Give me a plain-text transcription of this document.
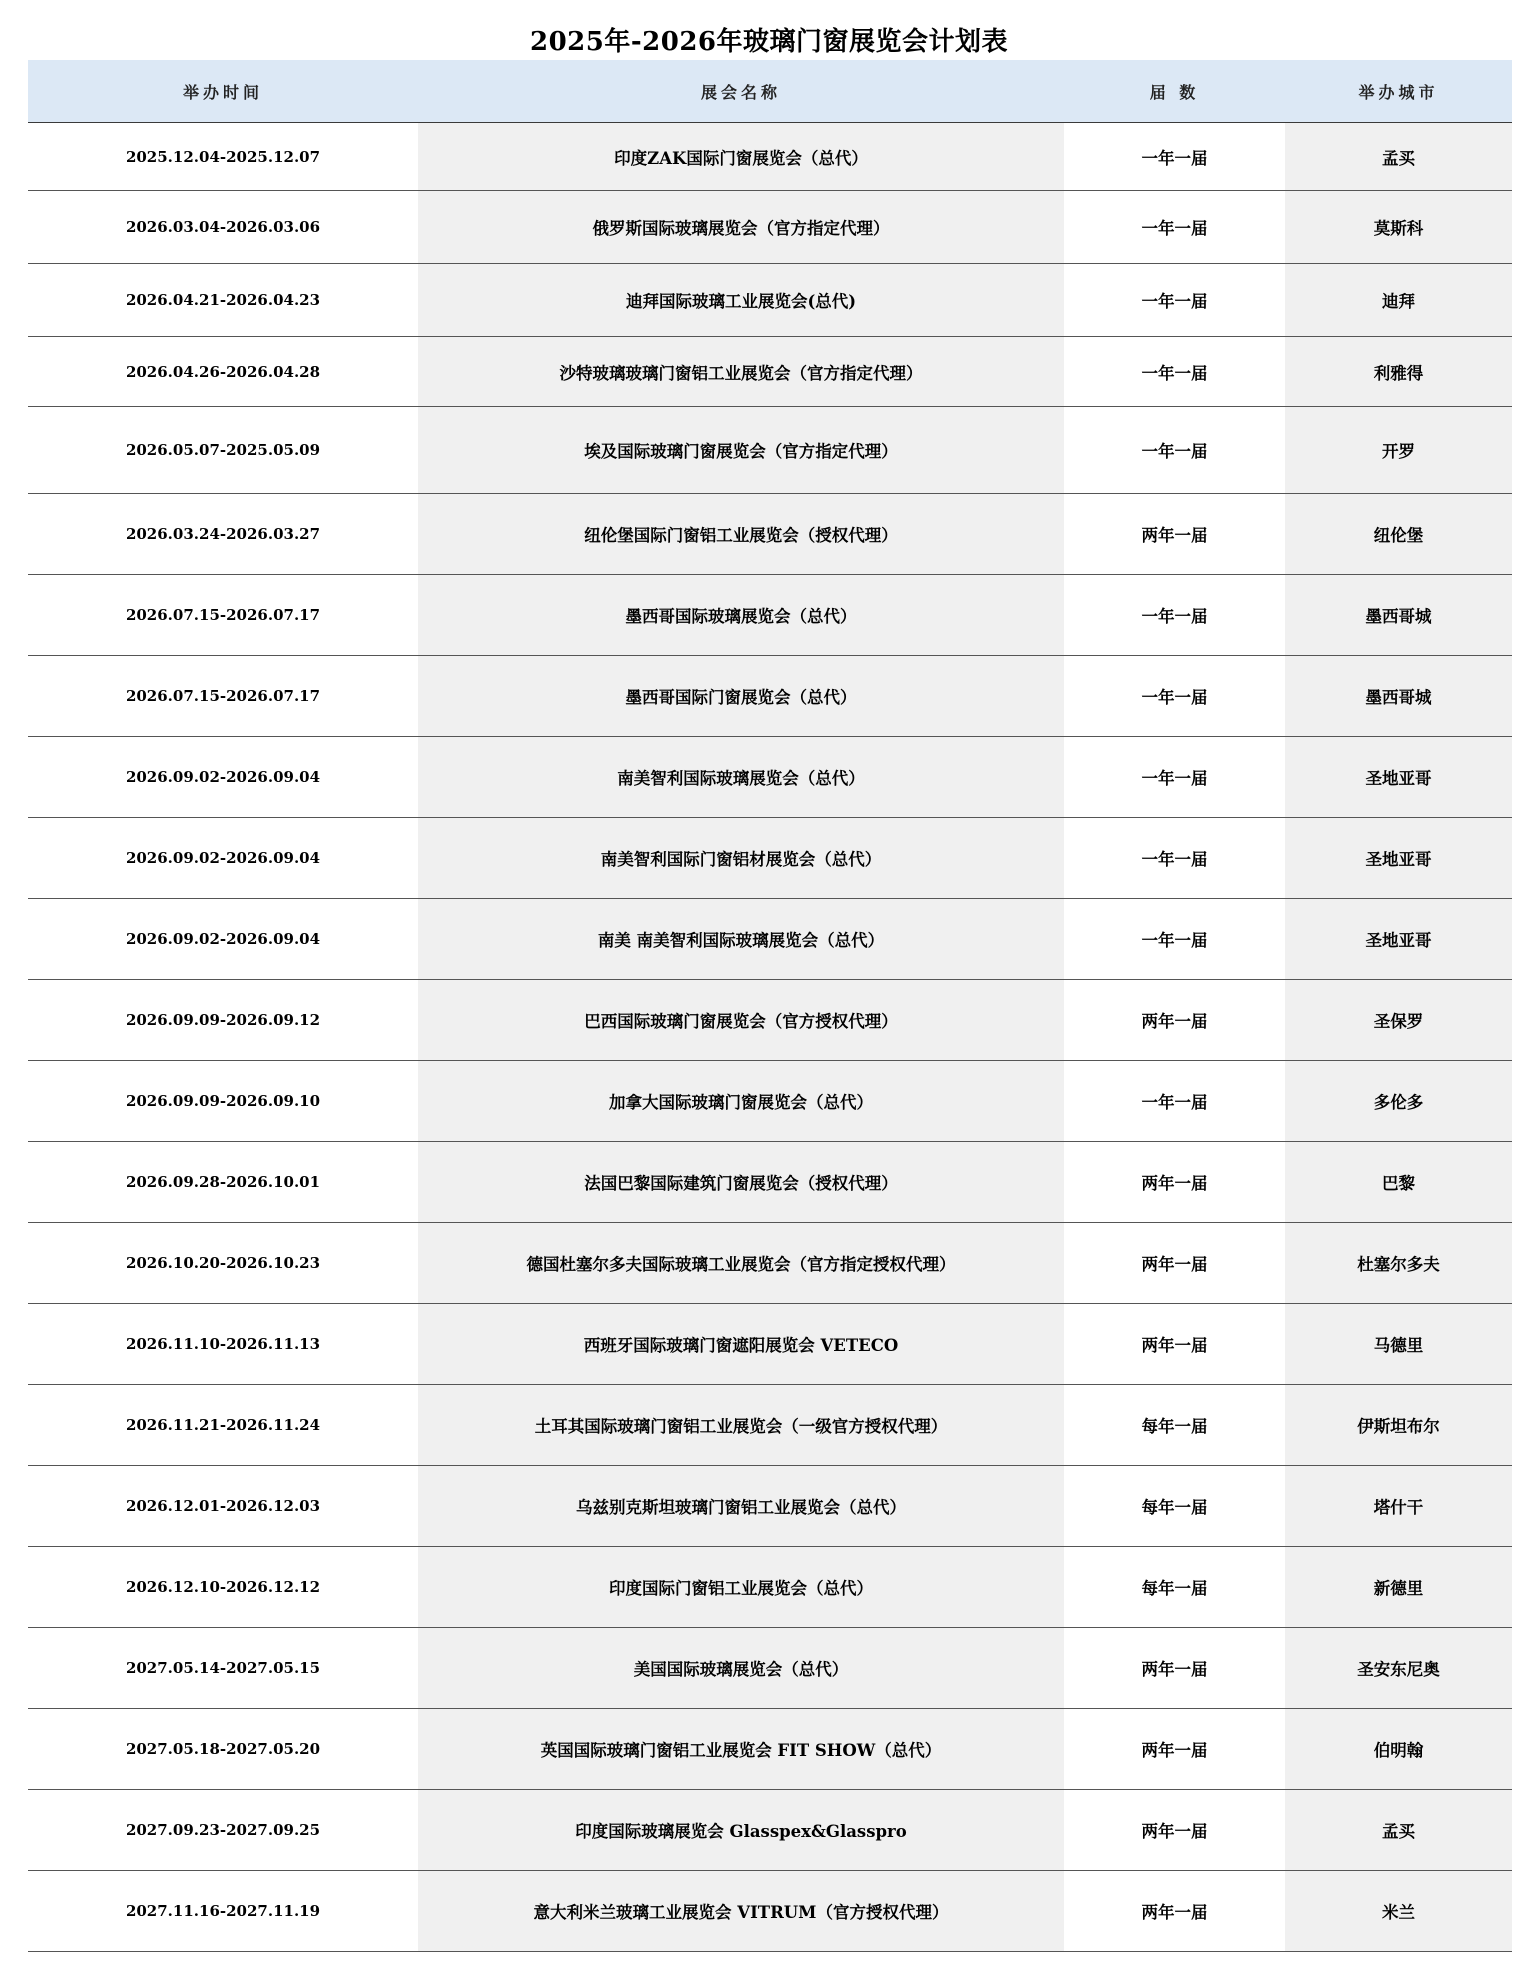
2025年-2026年玻璃门窗展览会计划表
举办时间	展会名称	届 数	举办城市
2025.12.04-2025.12.07	印度ZAK国际门窗展览会（总代）	一年一届	孟买
2026.03.04-2026.03.06	俄罗斯国际玻璃展览会（官方指定代理）	一年一届	莫斯科
2026.04.21-2026.04.23	迪拜国际玻璃工业展览会(总代)	一年一届	迪拜
2026.04.26-2026.04.28	沙特玻璃玻璃门窗铝工业展览会（官方指定代理）	一年一届	利雅得
2026.05.07-2025.05.09	埃及国际玻璃门窗展览会（官方指定代理）	一年一届	开罗
2026.03.24-2026.03.27	纽伦堡国际门窗铝工业展览会（授权代理）	两年一届	纽伦堡
2026.07.15-2026.07.17	墨西哥国际玻璃展览会（总代）	一年一届	墨西哥城
2026.07.15-2026.07.17	墨西哥国际门窗展览会（总代）	一年一届	墨西哥城
2026.09.02-2026.09.04	南美智利国际玻璃展览会（总代）	一年一届	圣地亚哥
2026.09.02-2026.09.04	南美智利国际门窗铝材展览会（总代）	一年一届	圣地亚哥
2026.09.02-2026.09.04	南美 南美智利国际玻璃展览会（总代）	一年一届	圣地亚哥
2026.09.09-2026.09.12	巴西国际玻璃门窗展览会（官方授权代理）	两年一届	圣保罗
2026.09.09-2026.09.10	加拿大国际玻璃门窗展览会（总代）	一年一届	多伦多
2026.09.28-2026.10.01	法国巴黎国际建筑门窗展览会（授权代理）	两年一届	巴黎
2026.10.20-2026.10.23	德国杜塞尔多夫国际玻璃工业展览会（官方指定授权代理）	两年一届	杜塞尔多夫
2026.11.10-2026.11.13	西班牙国际玻璃门窗遮阳展览会 VETECO	两年一届	马德里
2026.11.21-2026.11.24	土耳其国际玻璃门窗铝工业展览会（一级官方授权代理）	每年一届	伊斯坦布尔
2026.12.01-2026.12.03	乌兹别克斯坦玻璃门窗铝工业展览会（总代）	每年一届	塔什干
2026.12.10-2026.12.12	印度国际门窗铝工业展览会（总代）	每年一届	新德里
2027.05.14-2027.05.15	美国国际玻璃展览会（总代）	两年一届	圣安东尼奥
2027.05.18-2027.05.20	英国国际玻璃门窗铝工业展览会 FIT SHOW（总代）	两年一届	伯明翰
2027.09.23-2027.09.25	印度国际玻璃展览会 Glasspex&Glasspro	两年一届	孟买
2027.11.16-2027.11.19	意大利米兰玻璃工业展览会 VITRUM（官方授权代理）	两年一届	米兰
